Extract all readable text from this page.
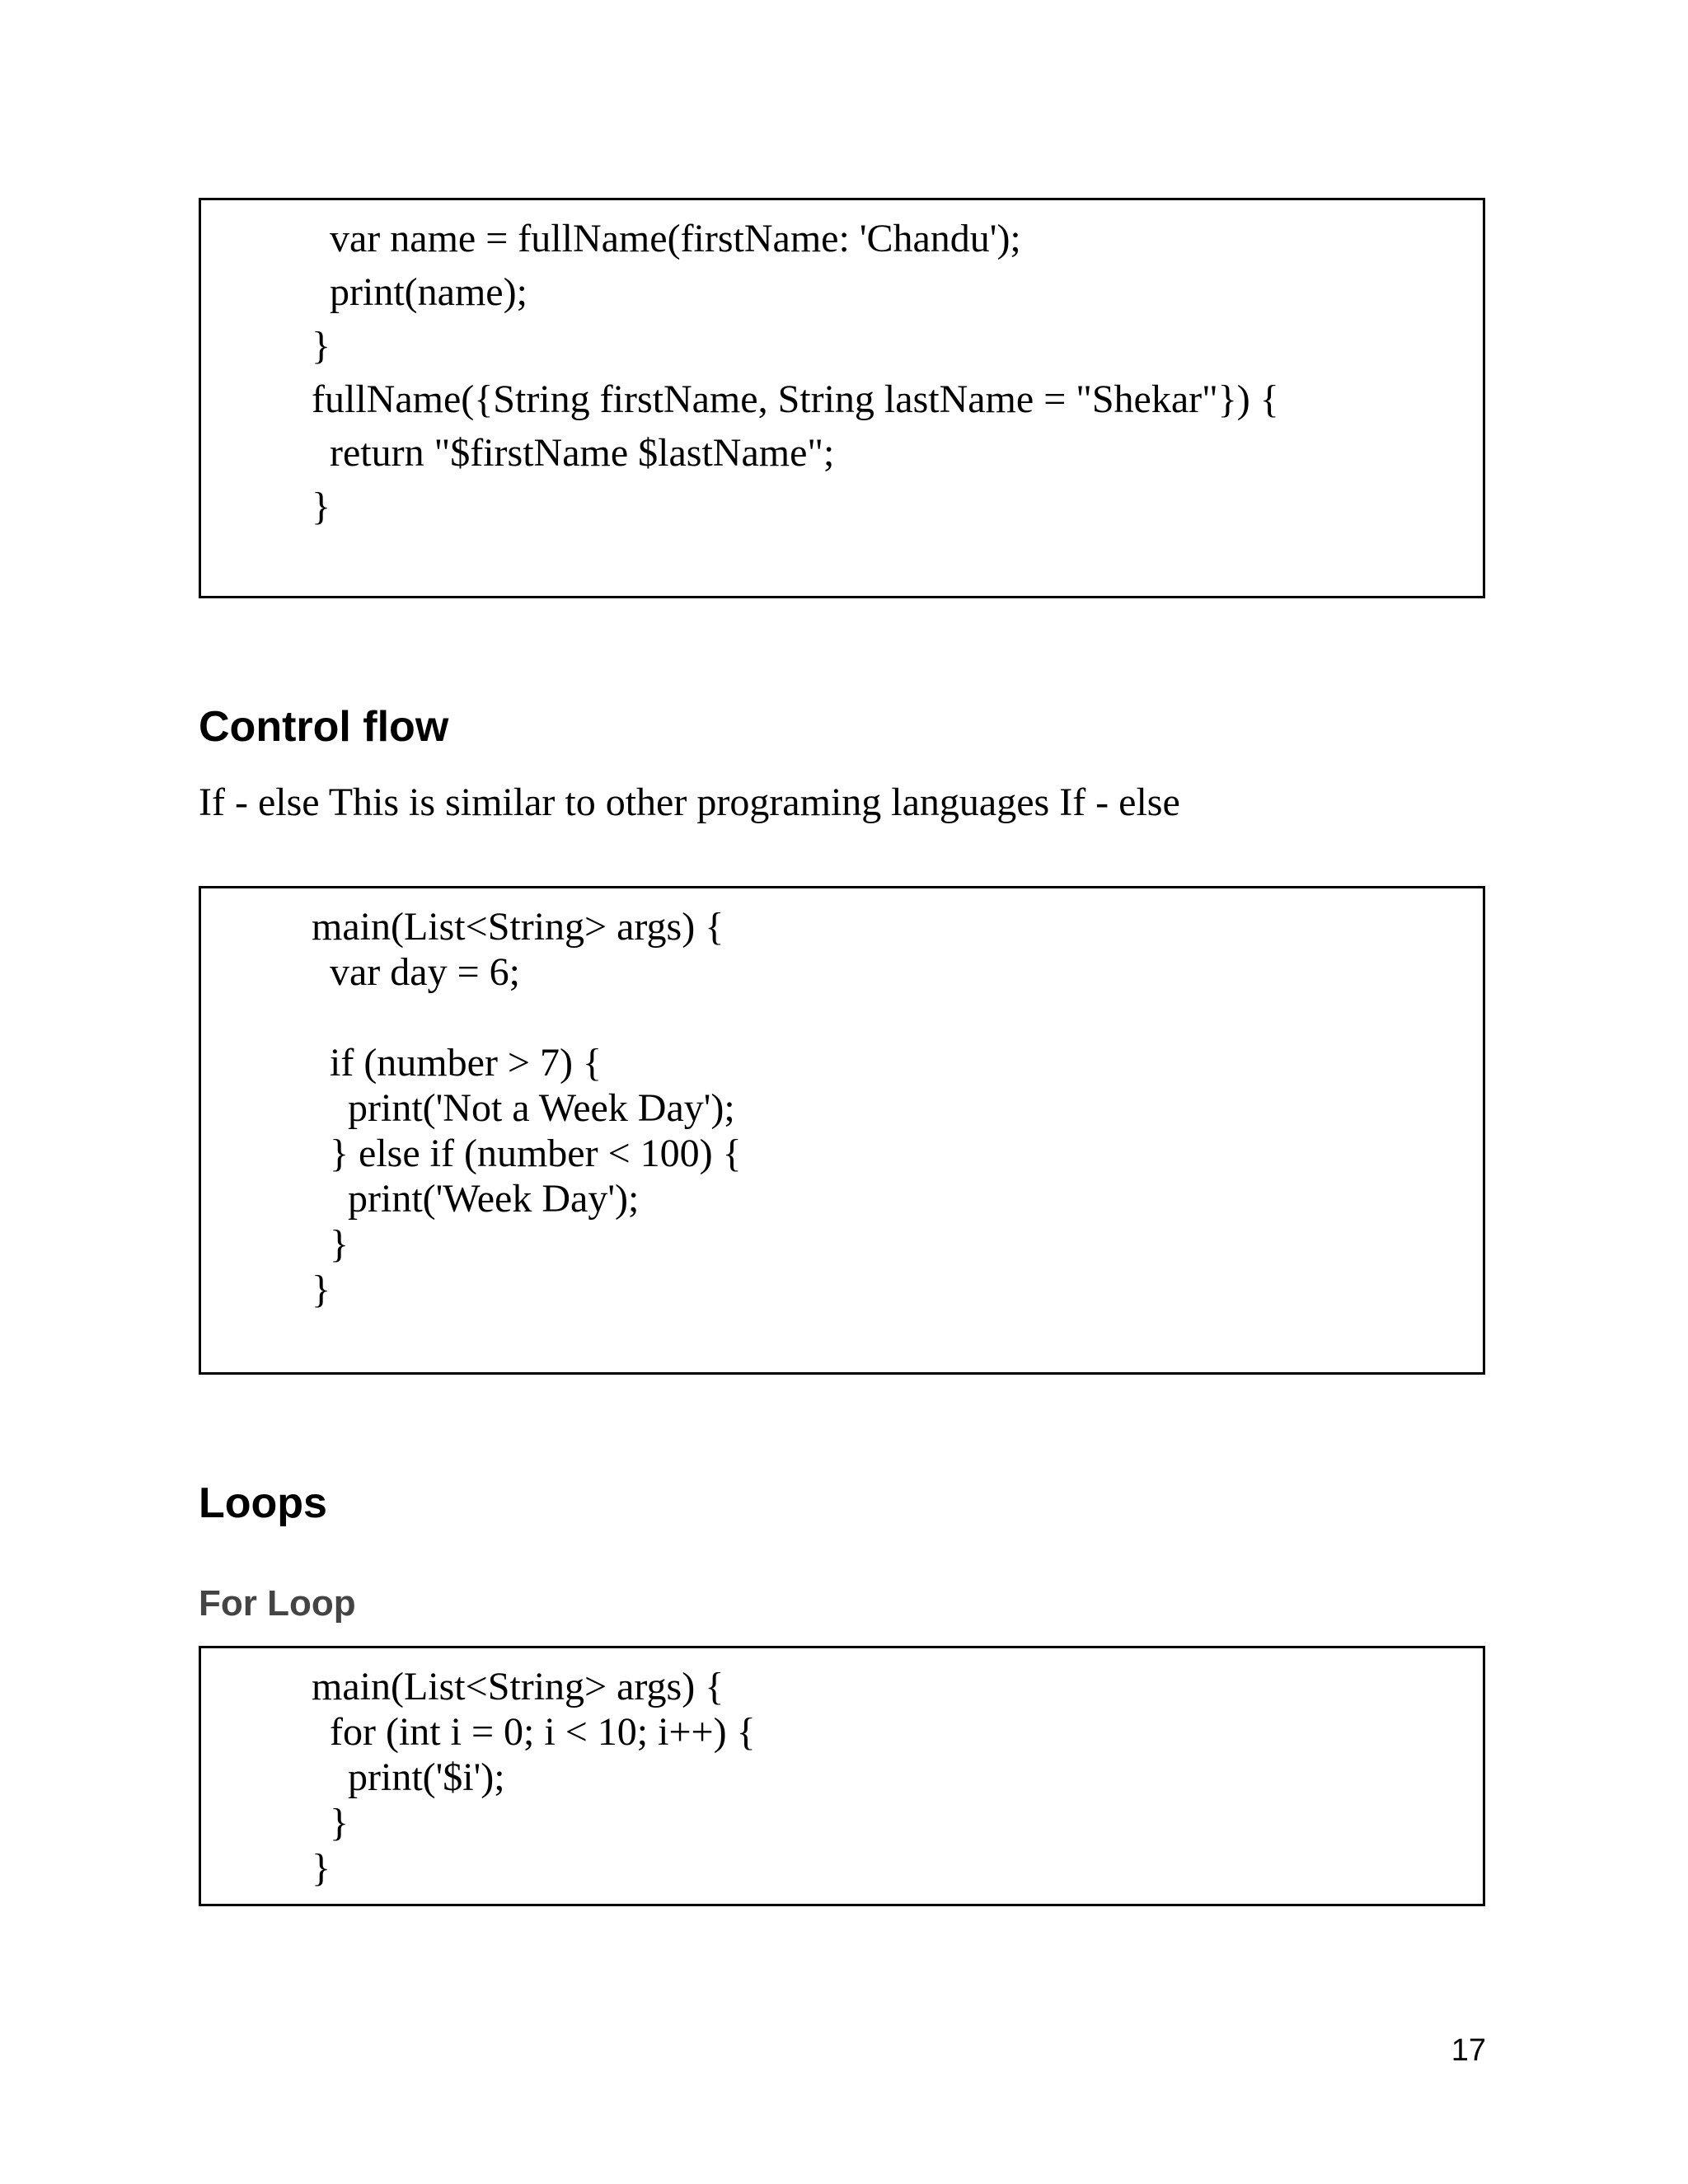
var name = fullName(firstName: 'Chandu');
print(name);
}
fullName({String firstName, String lastName = "Shekar"}) {
return "$firstName $lastName";
}
Control flow
If - else This is similar to other programing languages If - else
main(List<String> args) {
var day = 6;
if (number > 7) {
print('Not a Week Day');
} else if (number < 100) {
print('Week Day');
}
}
Loops
For Loop
main(List<String> args) {
for (int i = 0; i < 10; i++) {
print('$i');
}
}
17
